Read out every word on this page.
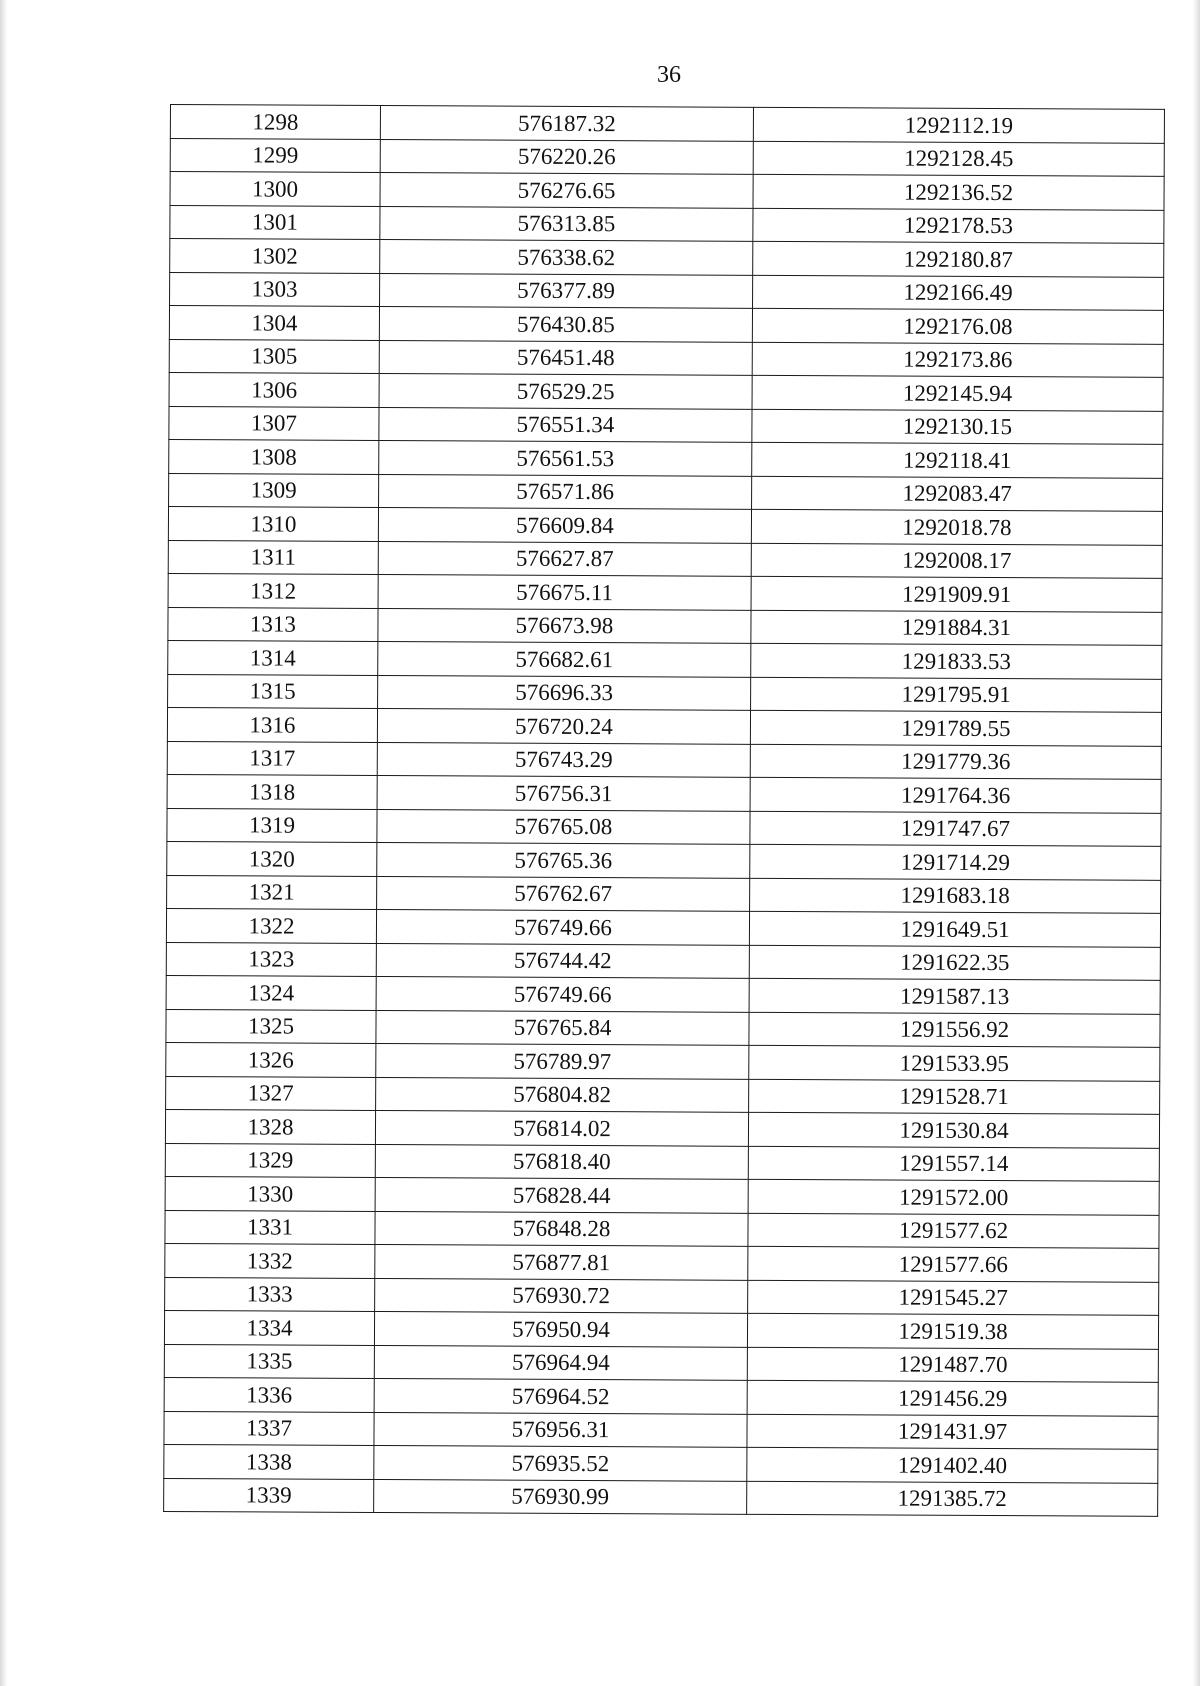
36
1298	576187.32	1292112.19
1299	576220.26	1292128.45
1300	576276.65	1292136.52
1301	576313.85	1292178.53
1302	576338.62	1292180.87
1303	576377.89	1292166.49
1304	576430.85	1292176.08
1305	576451.48	1292173.86
1306	576529.25	1292145.94
1307	576551.34	1292130.15
1308	576561.53	1292118.41
1309	576571.86	1292083.47
1310	576609.84	1292018.78
1311	576627.87	1292008.17
1312	576675.11	1291909.91
1313	576673.98	1291884.31
1314	576682.61	1291833.53
1315	576696.33	1291795.91
1316	576720.24	1291789.55
1317	576743.29	1291779.36
1318	576756.31	1291764.36
1319	576765.08	1291747.67
1320	576765.36	1291714.29
1321	576762.67	1291683.18
1322	576749.66	1291649.51
1323	576744.42	1291622.35
1324	576749.66	1291587.13
1325	576765.84	1291556.92
1326	576789.97	1291533.95
1327	576804.82	1291528.71
1328	576814.02	1291530.84
1329	576818.40	1291557.14
1330	576828.44	1291572.00
1331	576848.28	1291577.62
1332	576877.81	1291577.66
1333	576930.72	1291545.27
1334	576950.94	1291519.38
1335	576964.94	1291487.70
1336	576964.52	1291456.29
1337	576956.31	1291431.97
1338	576935.52	1291402.40
1339	576930.99	1291385.72
